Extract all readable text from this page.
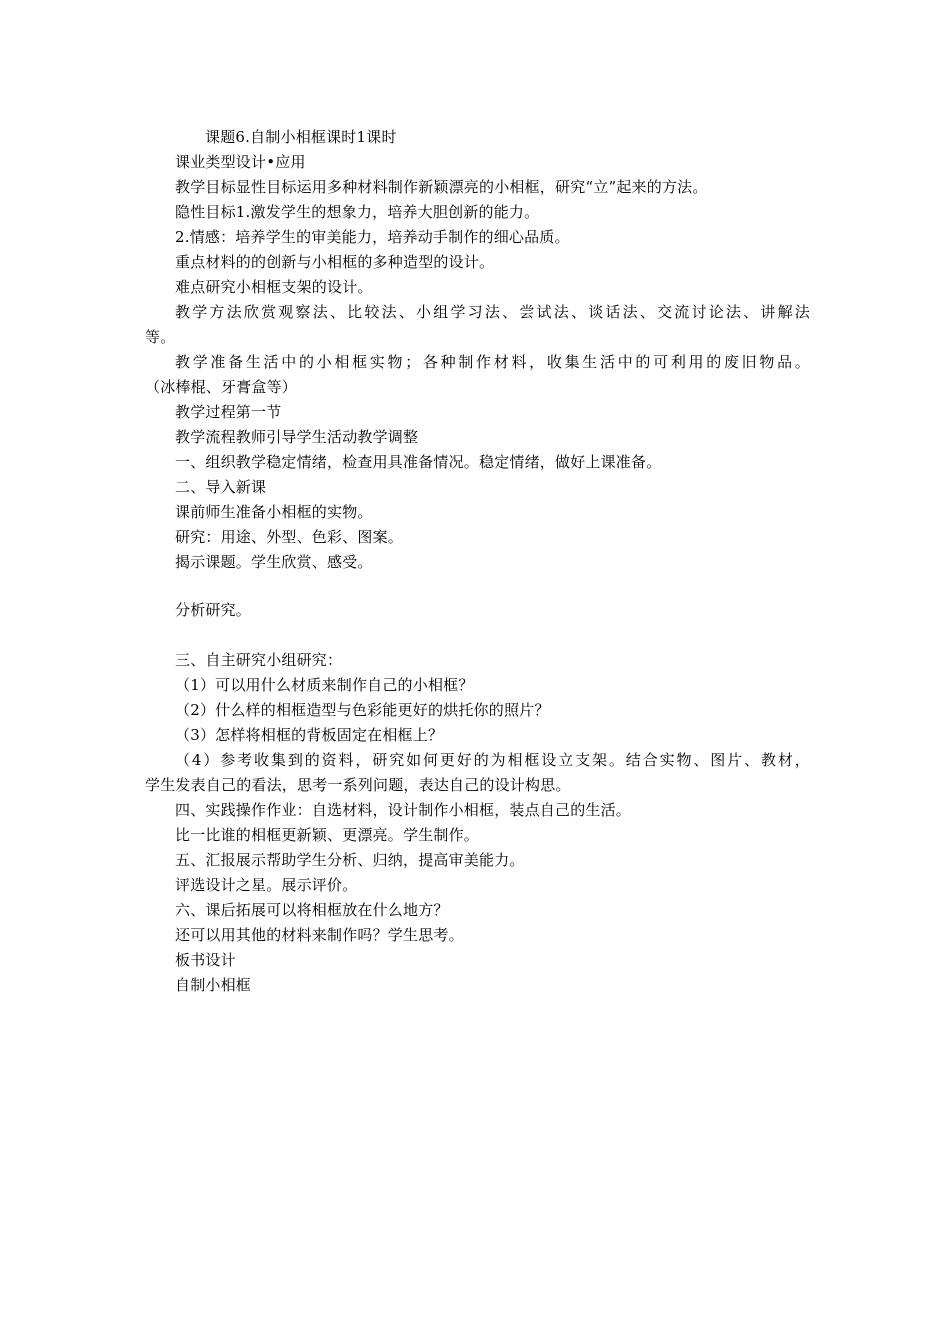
课题6.自制小相框课时1课时
课业类型设计•应用
教学目标显性目标运用多种材料制作新颖漂亮的小相框，研究“立”起来的方法。
隐性目标1.激发学生的想象力，培养大胆创新的能力。
2.情感：培养学生的审美能力，培养动手制作的细心品质。
重点材料的的创新与小相框的多种造型的设计。
难点研究小相框支架的设计。
教学方法欣赏观察法、比较法、小组学习法、尝试法、谈话法、交流讨论法、讲解法
等。
教学准备生活中的小相框实物；各种制作材料，收集生活中的可利用的废旧物品。
（冰棒棍、牙膏盒等）
教学过程第一节
教学流程教师引导学生活动教学调整
一、组织教学稳定情绪，检查用具准备情况。稳定情绪，做好上课准备。
二、导入新课
课前师生准备小相框的实物。
研究：用途、外型、色彩、图案。
揭示课题。学生欣赏、感受。
分析研究。
三、自主研究小组研究：
（1）可以用什么材质来制作自己的小相框？
（2）什么样的相框造型与色彩能更好的烘托你的照片？
（3）怎样将相框的背板固定在相框上？
（4）参考收集到的资料，研究如何更好的为相框设立支架。结合实物、图片、教材，
学生发表自己的看法，思考一系列问题，表达自己的设计构思。
四、实践操作作业：自选材料，设计制作小相框，装点自己的生活。
比一比谁的相框更新颖、更漂亮。学生制作。
五、汇报展示帮助学生分析、归纳，提高审美能力。
评选设计之星。展示评价。
六、课后拓展可以将相框放在什么地方？
还可以用其他的材料来制作吗？学生思考。
板书设计
自制小相框
